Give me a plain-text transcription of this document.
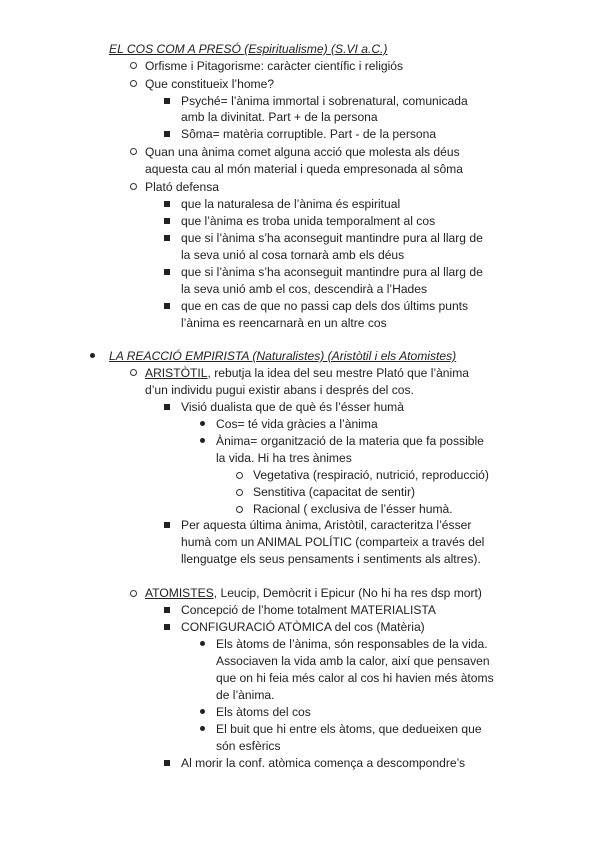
EL COS COM A PRESÓ (Espiritualisme) (S.VI a.C.)
Orfisme i Pitagorisme: caràcter científic i religiós
Que constitueix l’home?
Psyché= l’ànima immortal i sobrenatural, comunicada
amb la divinitat. Part + de la persona
Sôma= matèria corruptible. Part - de la persona
Quan una ànima comet alguna acció que molesta als déus
aquesta cau al món material i queda empresonada al sôma
Plató defensa
que la naturalesa de l’ànima és espiritual
que l’ànima es troba unida temporalment al cos
que si l’ànima s’ha aconseguit mantindre pura al llarg de
la seva unió al cosa tornarà amb els déus
que si l’ànima s’ha aconseguit mantindre pura al llarg de
la seva unió amb el cos, descendirà a l’Hades
que en cas de que no passi cap dels dos últims punts
l’ànima es reencarnarà en un altre cos
LA REACCIÓ EMPIRISTA (Naturalistes) (Aristòtil i els Atomistes)
ARISTÒTIL, rebutja la idea del seu mestre Plató que l’ànima
d’un individu pugui existir abans i després del cos.
Visió dualista que de què és l’ésser humà
Cos= té vida gràcies a l’ànima
Ànima= organització de la materia que fa possible
la vida. Hi ha tres ànimes
Vegetativa (respiració, nutrició, reproducció)
Senstitiva (capacitat de sentir)
Racional ( exclusiva de l’ésser humà.
Per aquesta última ànima, Aristòtil, caracteritza l’ésser
humà com un ANIMAL POLÍTIC (comparteix a través del
llenguatge els seus pensaments i sentiments als altres).
ATOMISTES, Leucip, Demòcrit i Epicur (No hi ha res dsp mort)
Concepció de l’home totalment MATERIALISTA
CONFIGURACIÓ ATÒMICA del cos (Matèria)
Els àtoms de l’ànima, són responsables de la vida.
Associaven la vida amb la calor, així que pensaven
que on hi feia més calor al cos hi havien més àtoms
de l’ànima.
Els àtoms del cos
El buit que hi entre els àtoms, que dedueixen que
són esfèrics
Al morir la conf. atòmica comença a descompondre’s
